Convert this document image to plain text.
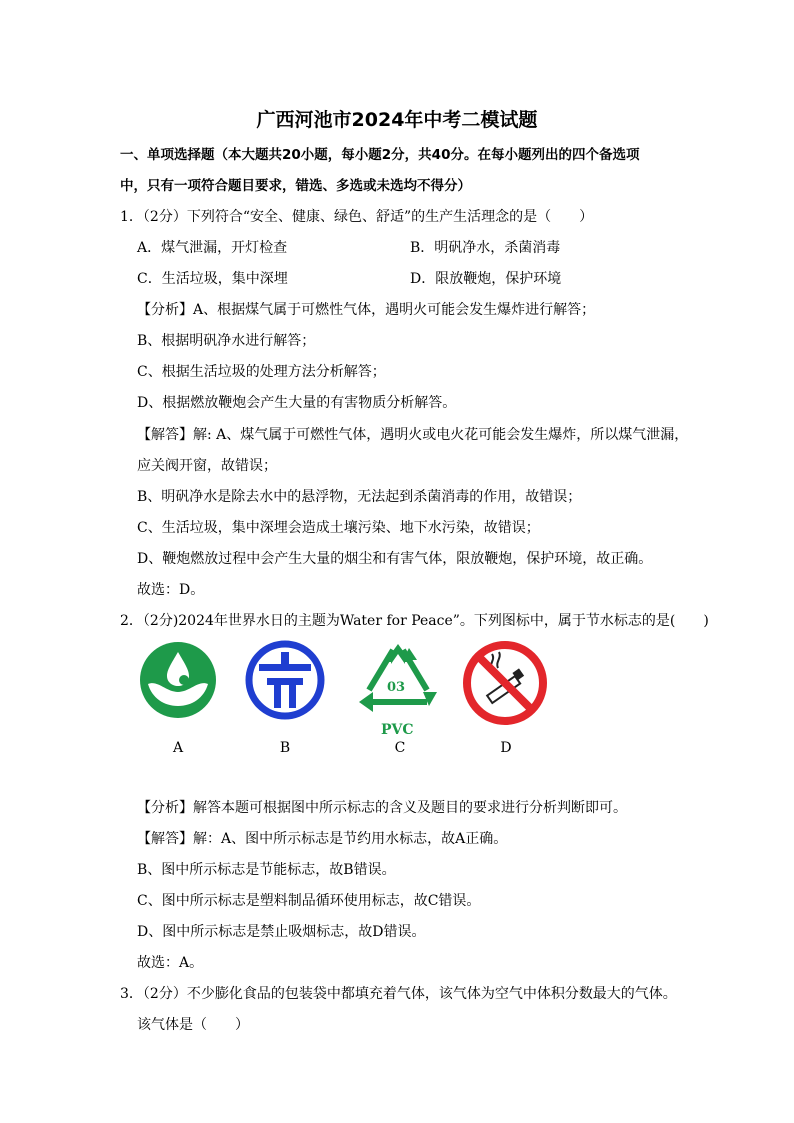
广西河池市2024年中考二模试题
一、单项选择题（本大题共20小题，每小题2分，共40分。在每小题列出的四个备选项
中，只有一项符合题目要求，错选、多选或未选均不得分）
1．（2分）下列符合“安全、健康、绿色、舒适”的生产生活理念的是（　　）
A．煤气泄漏，开灯检查	B．明矾净水，杀菌消毒
C．生活垃圾，集中深埋	D．限放鞭炮，保护环境
【分析】A、根据煤气属于可燃性气体，遇明火可能会发生爆炸进行解答；
B、根据明矾净水进行解答；
C、根据生活垃圾的处理方法分析解答；
D、根据燃放鞭炮会产生大量的有害物质分析解答。
【解答】解: A、煤气属于可燃性气体，遇明火或电火花可能会发生爆炸，所以煤气泄漏，
应关阀开窗，故错误；
B、明矾净水是除去水中的悬浮物，无法起到杀菌消毒的作用，故错误；
C、生活垃圾，集中深埋会造成土壤污染、地下水污染，故错误；
D、鞭炮燃放过程中会产生大量的烟尘和有害气体，限放鞭炮，保护环境，故正确。
故选：D。
2．（2分)2024年世界水日的主题为Water for Peace”。下列图标中，属于节水标志的是(　　)
A	B
03
PVC
C	D
【分析】解答本题可根据图中所示标志的含义及题目的要求进行分析判断即可。
【解答】解：A、图中所示标志是节约用水标志，故A正确。
B、图中所示标志是节能标志，故B错误。
C、图中所示标志是塑料制品循环使用标志，故C错误。
D、图中所示标志是禁止吸烟标志，故D错误。
故选：A。
3．（2分）不少膨化食品的包装袋中都填充着气体，该气体为空气中体积分数最大的气体。
该气体是（　　）
